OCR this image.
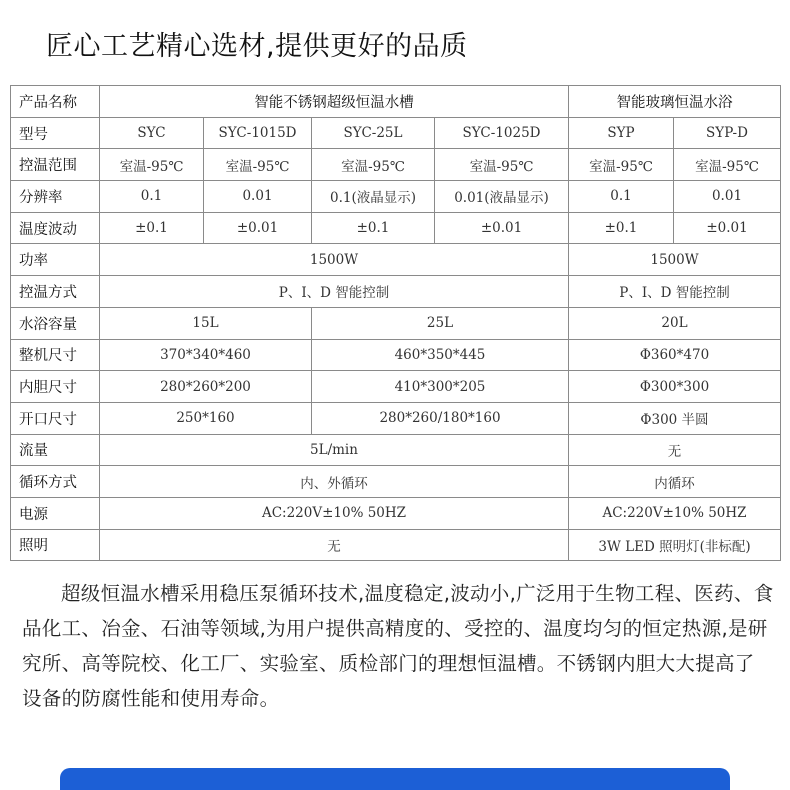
匠心工艺精心选材,提供更好的品质
产品名称	智能不锈钢超级恒温水槽				智能玻璃恒温水浴	
型号	SYC	SYC-1015D	SYC-25L	SYC-1025D	SYP	SYP-D
控温范围	室温-95℃	室温-95℃	室温-95℃	室温-95℃	室温-95℃	室温-95℃
分辨率	0.1	0.01	0.1(液晶显示)	0.01(液晶显示)	0.1	0.01
温度波动	±0.1	±0.01	±0.1	±0.01	±0.1	±0.01
功率	1500W				1500W	
控温方式	P、I、D 智能控制				P、I、D 智能控制	
水浴容量	15L		25L		20L	
整机尺寸	370*340*460		460*350*445		Φ360*470	
内胆尺寸	280*260*200		410*300*205		Φ300*300	
开口尺寸	250*160		280*260/180*160		Φ300 半圆	
流量	5L/min				无	
循环方式	内、外循环				内循环	
电源	AC:220V±10% 50HZ				AC:220V±10% 50HZ	
照明	无				3W LED 照明灯(非标配)	

超级恒温水槽采用稳压泵循环技术,温度稳定,波动小,广泛用于生物工程、医药、食品化工、冶金、石油等领域,为用户提供高精度的、受控的、温度均匀的恒定热源,是研究所、高等院校、化工厂、实验室、质检部门的理想恒温槽。不锈钢内胆大大提高了设备的防腐性能和使用寿命。
